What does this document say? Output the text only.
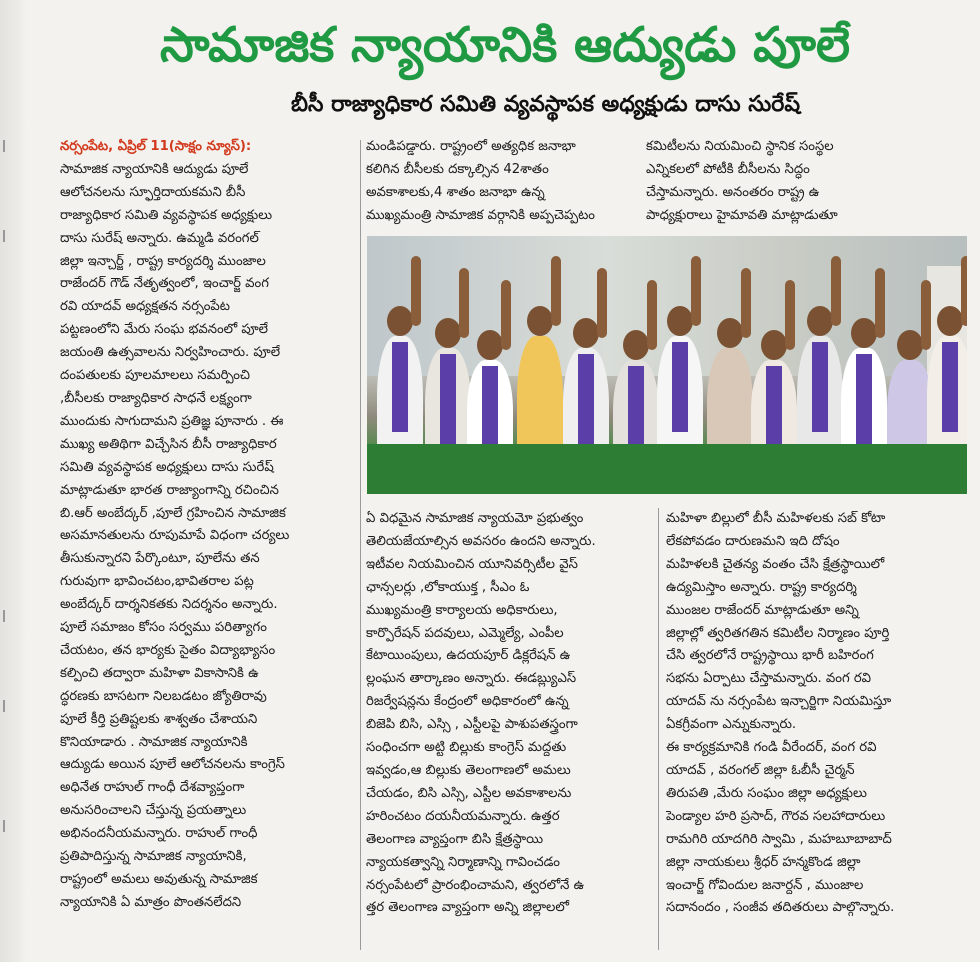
సామాజిక న్యాయానికి ఆద్యుడు పూలే
బీసీ రాజ్యాధికార సమితి వ్యవస్థాపక అధ్యక్షుడు దాసు సురేష్

నర్సంపేట, ఏప్రిల్ 11(సాక్షం న్యూస్):

సామాజిక న్యాయానికి ఆద్యుడు పూలే

ఆలోచనలను స్ఫూర్తిదాయకమని బీసీ

రాజ్యాధికార సమితి వ్యవస్థాపక అధ్యక్షులు

దాసు సురేష్ అన్నారు. ఉమ్మడి వరంగల్

జిల్లా ఇన్చార్జ్ , రాష్ట్ర కార్యదర్శి ముంజాల

రాజేందర్ గౌడ్ నేతృత్వంలో, ఇంచార్జ్ వంగ

రవి యాదవ్ అధ్యక్షతన నర్సంపేట

పట్టణంలోని మేరు సంఘ భవనంలో పూలే

జయంతి ఉత్సవాలను నిర్వహించారు. పూలే

దంపతులకు పూలమాలలు సమర్పించి

,బీసీలకు రాజ్యాధికార సాధనే లక్ష్యంగా

ముందుకు సాగుదామని ప్రతిజ్ఞ పూనారు . ఈ

ముఖ్య అతిథిగా విచ్చేసిన బీసీ రాజ్యాధికార

సమితి వ్యవస్థాపక అధ్యక్షులు దాసు సురేష్

మాట్లాడుతూ భారత రాజ్యాంగాన్ని రచించిన

బి.ఆర్ అంబేద్కర్ ,పూలే గ్రహించిన సామాజిక

అసమానతులను రూపుమాపే విధంగా చర్యలు

తీసుకున్నారని పేర్కొంటూ, పూలేను తన

గురువుగా భావించటం,భావితరాల పట్ల

అంబేద్కర్ దార్శనికతకు నిదర్శనం అన్నారు.

పూలే సమాజం కోసం సర్వము పరిత్యాగం

చేయటం, తన భార్యకు సైతం విద్యాభ్యాసం

కల్పించి తద్వారా మహిళా వికాసానికి ఉ

ద్ధరణకు బాసటగా నిలబడటం జ్యోతిరావు

పూలే కీర్తి ప్రతిష్టలకు శాశ్వతం చేశాయని

కొనియాడారు . సామాజిక న్యాయానికి

ఆద్యుడు అయిన పూలే ఆలోచనలను కాంగ్రెస్

అధినేత రాహుల్ గాంధీ దేశవ్యాప్తంగా

అనుసరించాలని చేస్తున్న ప్రయత్నాలు

అభినందనీయమన్నారు. రాహుల్ గాంధీ

ప్రతిపాదిస్తున్న సామాజిక న్యాయానికి,

రాష్ట్రంలో అమలు అవుతున్న సామాజిక

న్యాయానికి ఏ మాత్రం పొంతనలేదని

మండిపడ్డారు. రాష్ట్రంలో అత్యధిక జనాభా

కలిగిన బీసీలకు దక్కాల్సిన 42శాతం

అవకాశాలకు,4 శాతం జనాభా ఉన్న

ముఖ్యమంత్రి సామాజిక వర్గానికి అప్పచెప్పటం

కమిటీలను నియమించి స్థానిక సంస్థల

ఎన్నికలలో పోటీకి బీసీలను సిద్ధం

చేస్తామన్నారు. అనంతరం రాష్ట్ర ఉ

పాధ్యక్షురాలు హైమావతి మాట్లాడుతూ

ఏ విధమైన సామాజిక న్యాయమో ప్రభుత్వం

తెలియజేయాల్సిన అవసరం ఉందని అన్నారు.

ఇటీవల నియమించిన యూనివర్సిటీల వైస్

ఛాన్సలర్లు ,లోకాయుక్త , సీఎం ఓ

ముఖ్యమంత్రి కార్యాలయ అధికారులు,

కార్పొరేషన్ పదవులు, ఎమ్మెల్యే, ఎంపీల

కేటాయింపులు, ఉదయపూర్ డిక్లరేషన్ ఉ

ల్లంఘన తార్కాణం అన్నారు. ఈడబ్ల్యుఎస్

రిజర్వేషన్లను కేంద్రంలో అధికారంలో ఉన్న

బిజెపి బిసి, ఎస్సి , ఎస్టీలపై పాశుపతస్త్రంగా

సంధించగా అట్టి బిల్లుకు కాంగ్రెస్ మద్దతు

ఇవ్వడం,ఆ బిల్లుకు తెలంగాణలో అమలు

చేయడం, బిసి ఎస్సి, ఎస్టీల అవకాశాలను

హరించటం దయనీయమన్నారు. ఉత్తర

తెలంగాణ వ్యాప్తంగా బిసి క్షేత్రస్థాయి

న్యాయకత్వాన్ని నిర్మాణాన్ని గావించడం

నర్సంపేటలో ప్రారంభించామని, త్వరలోనే ఉ

త్తర తెలంగాణ వ్యాప్తంగా అన్ని జిల్లాలలో

మహిళా బిల్లులో బీసీ మహిళలకు సబ్ కోటా

లేకపోవడం దారుణమని ఇది దోషం

మహిళలకి చైతన్య వంతం చేసి క్షేత్రస్థాయిలో

ఉద్యమిస్తాం అన్నారు. రాష్ట్ర కార్యదర్శి

ముంజల రాజేందర్ మాట్లాడుతూ అన్ని

జిల్లాల్లో త్వరితగతిన కమిటీల నిర్మాణం పూర్తి

చేసి త్వరలోనే రాష్ట్రస్థాయి భారీ బహిరంగ

సభను ఏర్పాటు చేస్తామన్నారు. వంగ రవి

యాదవ్ ను నర్సంపేట ఇన్చార్జిగా నియమిస్తూ

ఏకగ్రీవంగా ఎన్నుకున్నారు.

ఈ కార్యక్రమానికి గండి వీరేందర్, వంగ రవి

యాదవ్ , వరంగల్ జిల్లా ఓబీసీ చైర్మన్

తిరుపతి ,మేరు సంఘం జిల్లా అధ్యక్షులు

పెండ్యాల హరి ప్రసాద్, గౌరవ సలహాదారులు

రామగిరి యాదగిరి స్వామి , మహబూబాబాద్

జిల్లా నాయకులు శ్రీధర్ హన్మకొండ జిల్లా

ఇంచార్జ్ గోవిందుల జనార్దన్ , ముంజాల

సదానందం , సంజీవ తదితరులు పాల్గొన్నారు.
